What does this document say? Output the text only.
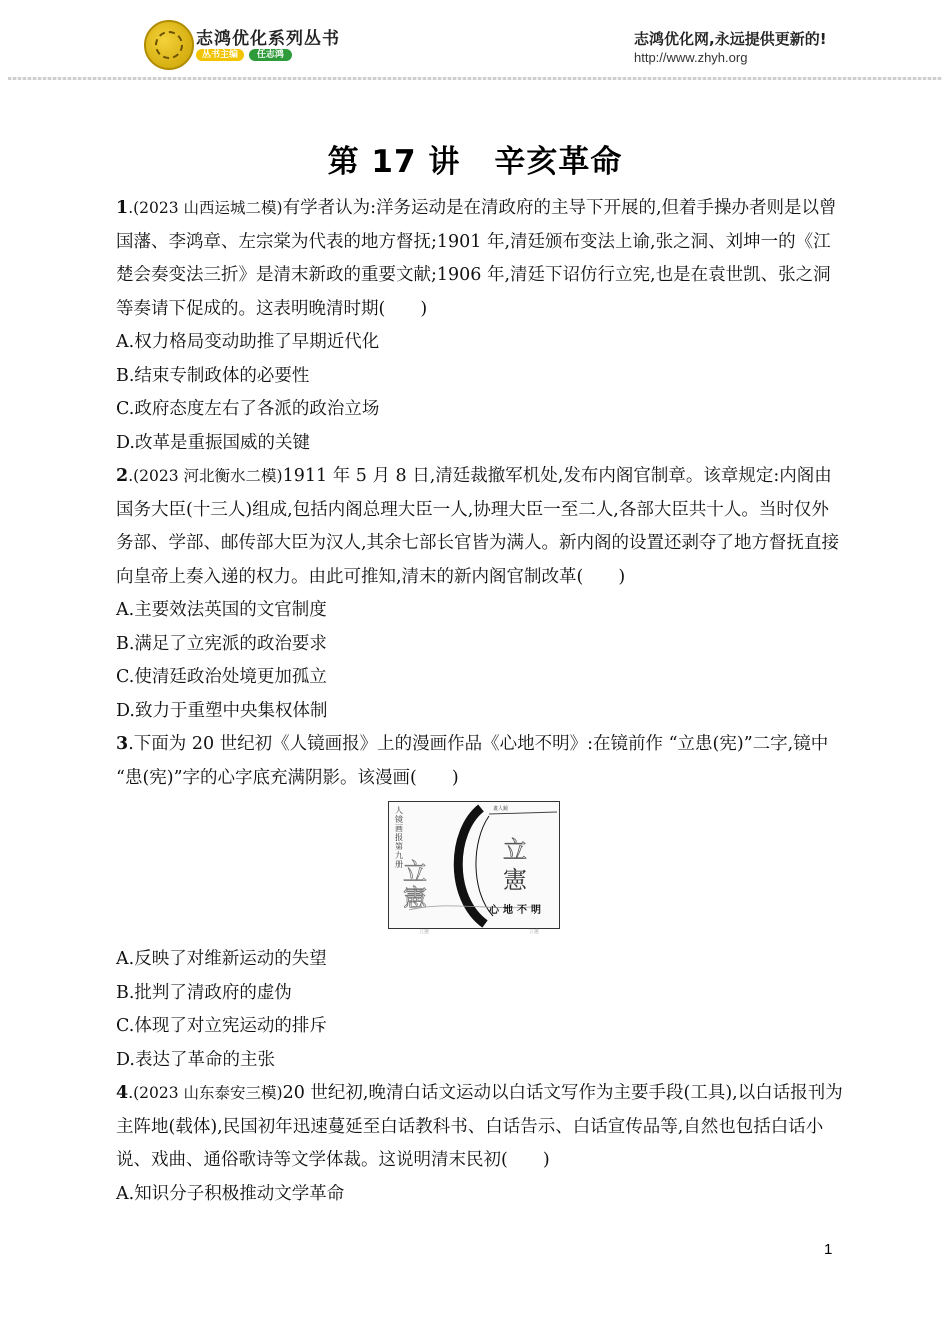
志鸿优化系列丛书
丛书主编 任志鸿
志鸿优化网,永远提供更新的!
http://www.zhyh.org
第 17 讲 辛亥革命

1.(2023 山西运城二模)有学者认为:洋务运动是在清政府的主导下开展的,但着手操办者则是以曾国藩、李鸿章、左宗棠为代表的地方督抚;1901 年,清廷颁布变法上谕,张之洞、刘坤一的《江楚会奏变法三折》是清末新政的重要文献;1906 年,清廷下诏仿行立宪,也是在袁世凯、张之洞等奏请下促成的。这表明晚清时期(　　)

A.权力格局变动助推了早期近代化

B.结束专制政体的必要性

C.政府态度左右了各派的政治立场

D.改革是重振国威的关键

2.(2023 河北衡水二模)1911 年 5 月 8 日,清廷裁撤军机处,发布内阁官制章。该章规定:内阁由国务大臣(十三人)组成,包括内阁总理大臣一人,协理大臣一至二人,各部大臣共十人。当时仅外务部、学部、邮传部大臣为汉人,其余七部长官皆为满人。新内阁的设置还剥夺了地方督抚直接向皇帝上奏入递的权力。由此可推知,清末的新内阁官制改革(　　)

A.主要效法英国的文官制度

B.满足了立宪派的政治要求

C.使清廷政治处境更加孤立

D.致力于重塑中央集权体制

3.下面为 20 世纪初《人镜画报》上的漫画作品《心地不明》:在镜前作 “立患(宪)”二字,镜中 “患(宪)”字的心字底充满阴影。该漫画(　　)

畫人鏡
立
憲
立
憲
人镜画报第九册
心地不明
立憲	立憲

A.反映了对维新运动的失望

B.批判了清政府的虚伪

C.体现了对立宪运动的排斥

D.表达了革命的主张

4.(2023 山东泰安三模)20 世纪初,晚清白话文运动以白话文写作为主要手段(工具),以白话报刊为主阵地(载体),民国初年迅速蔓延至白话教科书、白话告示、白话宣传品等,自然也包括白话小说、戏曲、通俗歌诗等文学体裁。这说明清末民初(　　)

A.知识分子积极推动文学革命

1
